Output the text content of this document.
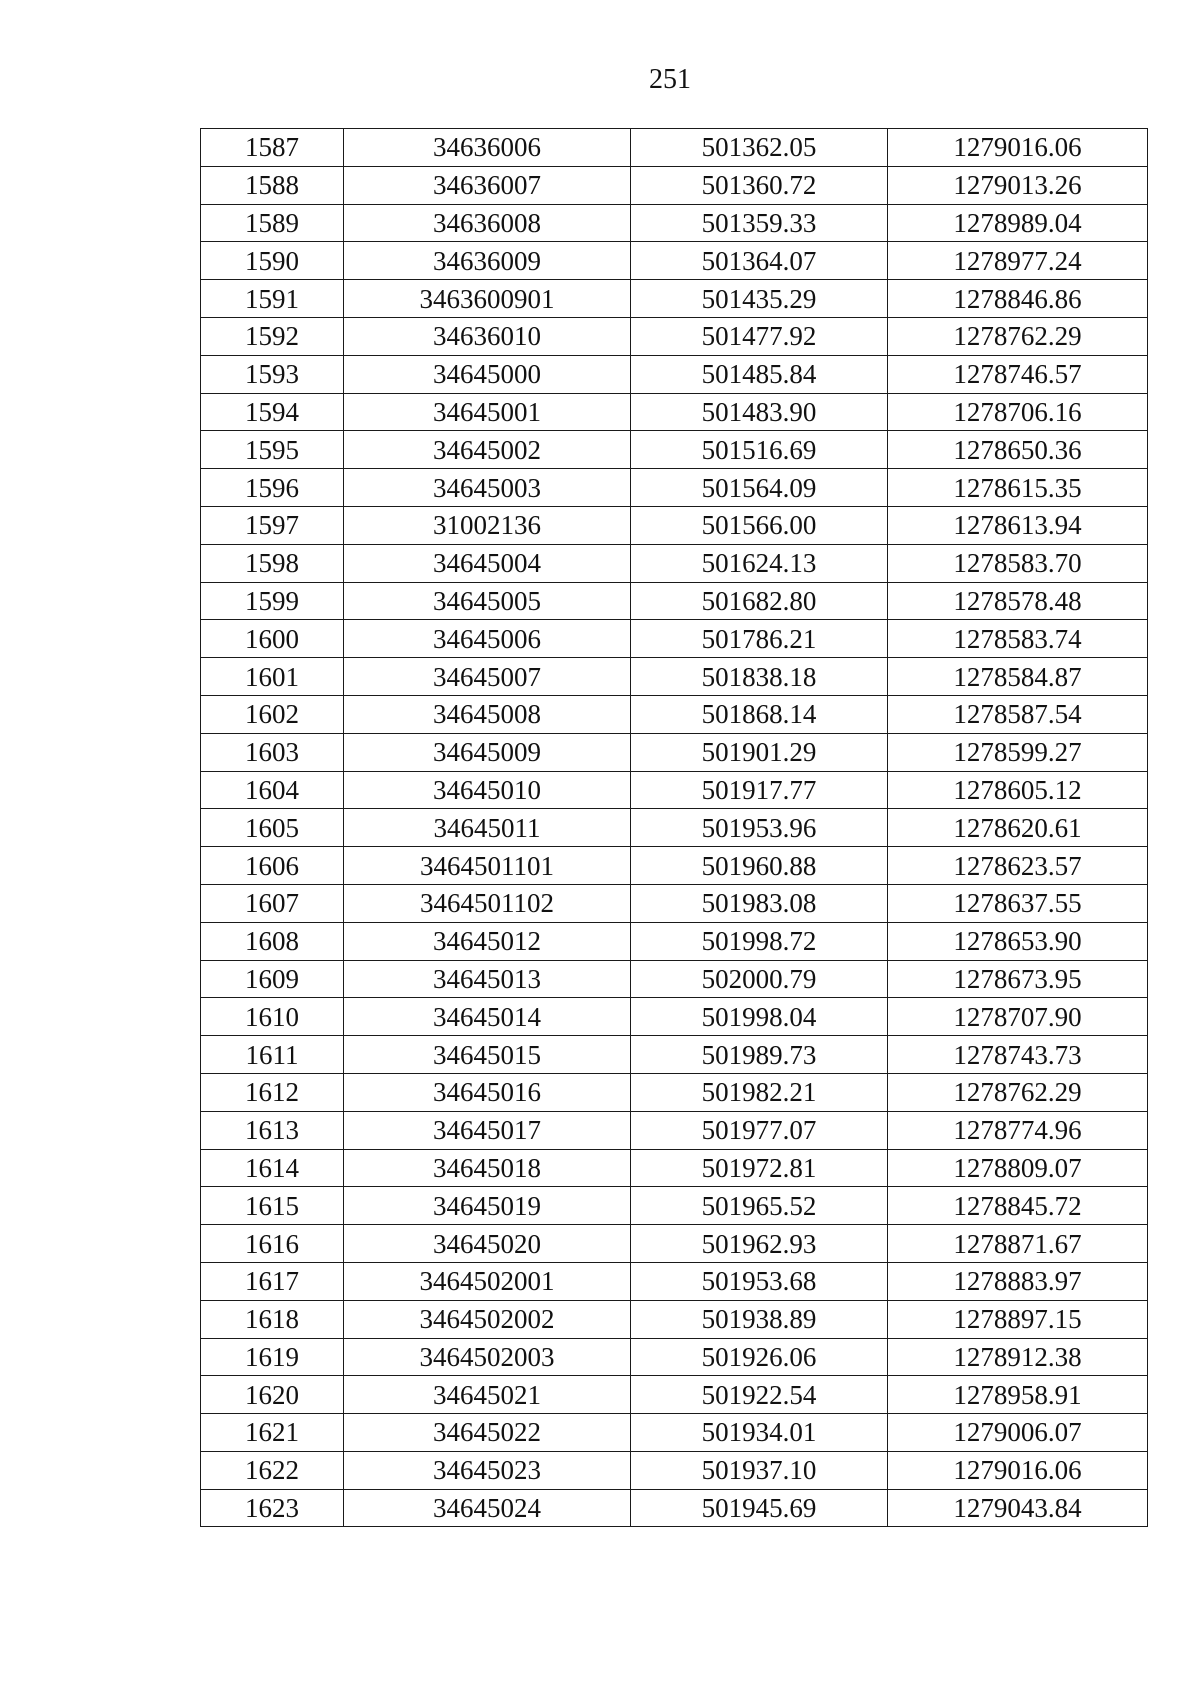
251
1587	34636006	501362.05	1279016.06
1588	34636007	501360.72	1279013.26
1589	34636008	501359.33	1278989.04
1590	34636009	501364.07	1278977.24
1591	3463600901	501435.29	1278846.86
1592	34636010	501477.92	1278762.29
1593	34645000	501485.84	1278746.57
1594	34645001	501483.90	1278706.16
1595	34645002	501516.69	1278650.36
1596	34645003	501564.09	1278615.35
1597	31002136	501566.00	1278613.94
1598	34645004	501624.13	1278583.70
1599	34645005	501682.80	1278578.48
1600	34645006	501786.21	1278583.74
1601	34645007	501838.18	1278584.87
1602	34645008	501868.14	1278587.54
1603	34645009	501901.29	1278599.27
1604	34645010	501917.77	1278605.12
1605	34645011	501953.96	1278620.61
1606	3464501101	501960.88	1278623.57
1607	3464501102	501983.08	1278637.55
1608	34645012	501998.72	1278653.90
1609	34645013	502000.79	1278673.95
1610	34645014	501998.04	1278707.90
1611	34645015	501989.73	1278743.73
1612	34645016	501982.21	1278762.29
1613	34645017	501977.07	1278774.96
1614	34645018	501972.81	1278809.07
1615	34645019	501965.52	1278845.72
1616	34645020	501962.93	1278871.67
1617	3464502001	501953.68	1278883.97
1618	3464502002	501938.89	1278897.15
1619	3464502003	501926.06	1278912.38
1620	34645021	501922.54	1278958.91
1621	34645022	501934.01	1279006.07
1622	34645023	501937.10	1279016.06
1623	34645024	501945.69	1279043.84
